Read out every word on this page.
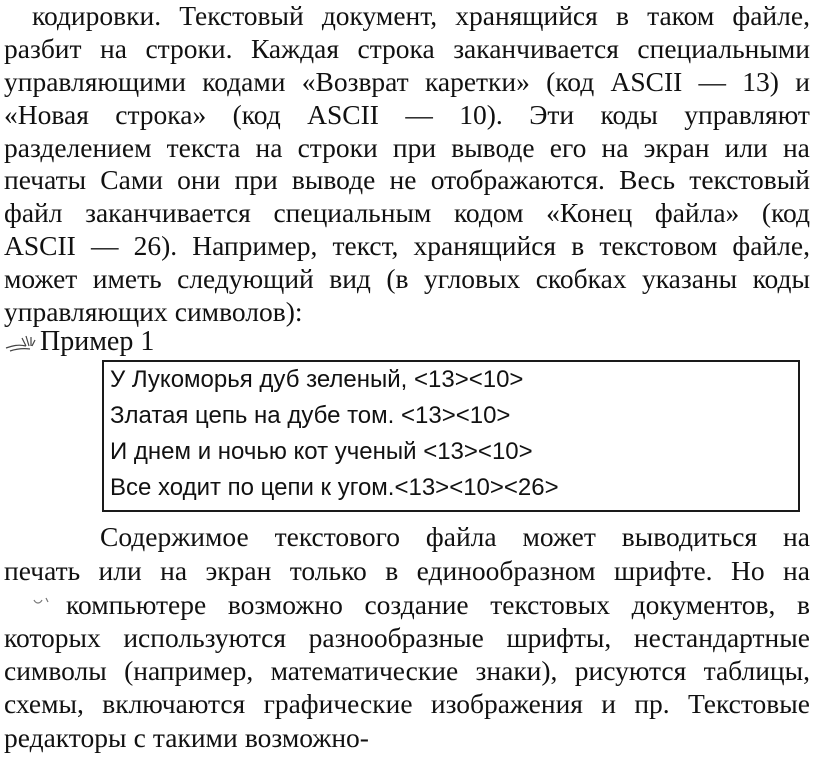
кодировки. Текстовый документ, хранящийся в таком файле,
разбит на строки. Каждая строка заканчивается специальными
управляющими кодами «Возврат каретки» (код ASCII — 13) и
«Новая строка» (код ASCII — 10). Эти коды управляют
разделением текста на строки при выводе его на экран или на
печаты Сами они при выводе не отображаются. Весь текстовый
файл заканчивается специальным кодом «Конец файла» (код
ASCII — 26). Например, текст, хранящийся в текстовом файле,
может иметь следующий вид (в угловых скобках указаны коды
управляющих символов):
Пример 1
У Лукоморья дуб зеленый, <13><10>
Златая цепь на дубе том. <13><10>
И днем и ночью кот ученый <13><10>
Все ходит по цепи к угом.<13><10><26>
Содержимое текстового файла может выводиться на
печать или на экран только в единообразном шрифте. Но на
компьютере возможно создание текстовых документов, в
которых используются разнообразные шрифты, нестандартные
символы (например, математические знаки), рисуются таблицы,
схемы, включаются графические изображения и пр. Текстовые
редакторы с такими возможно-
